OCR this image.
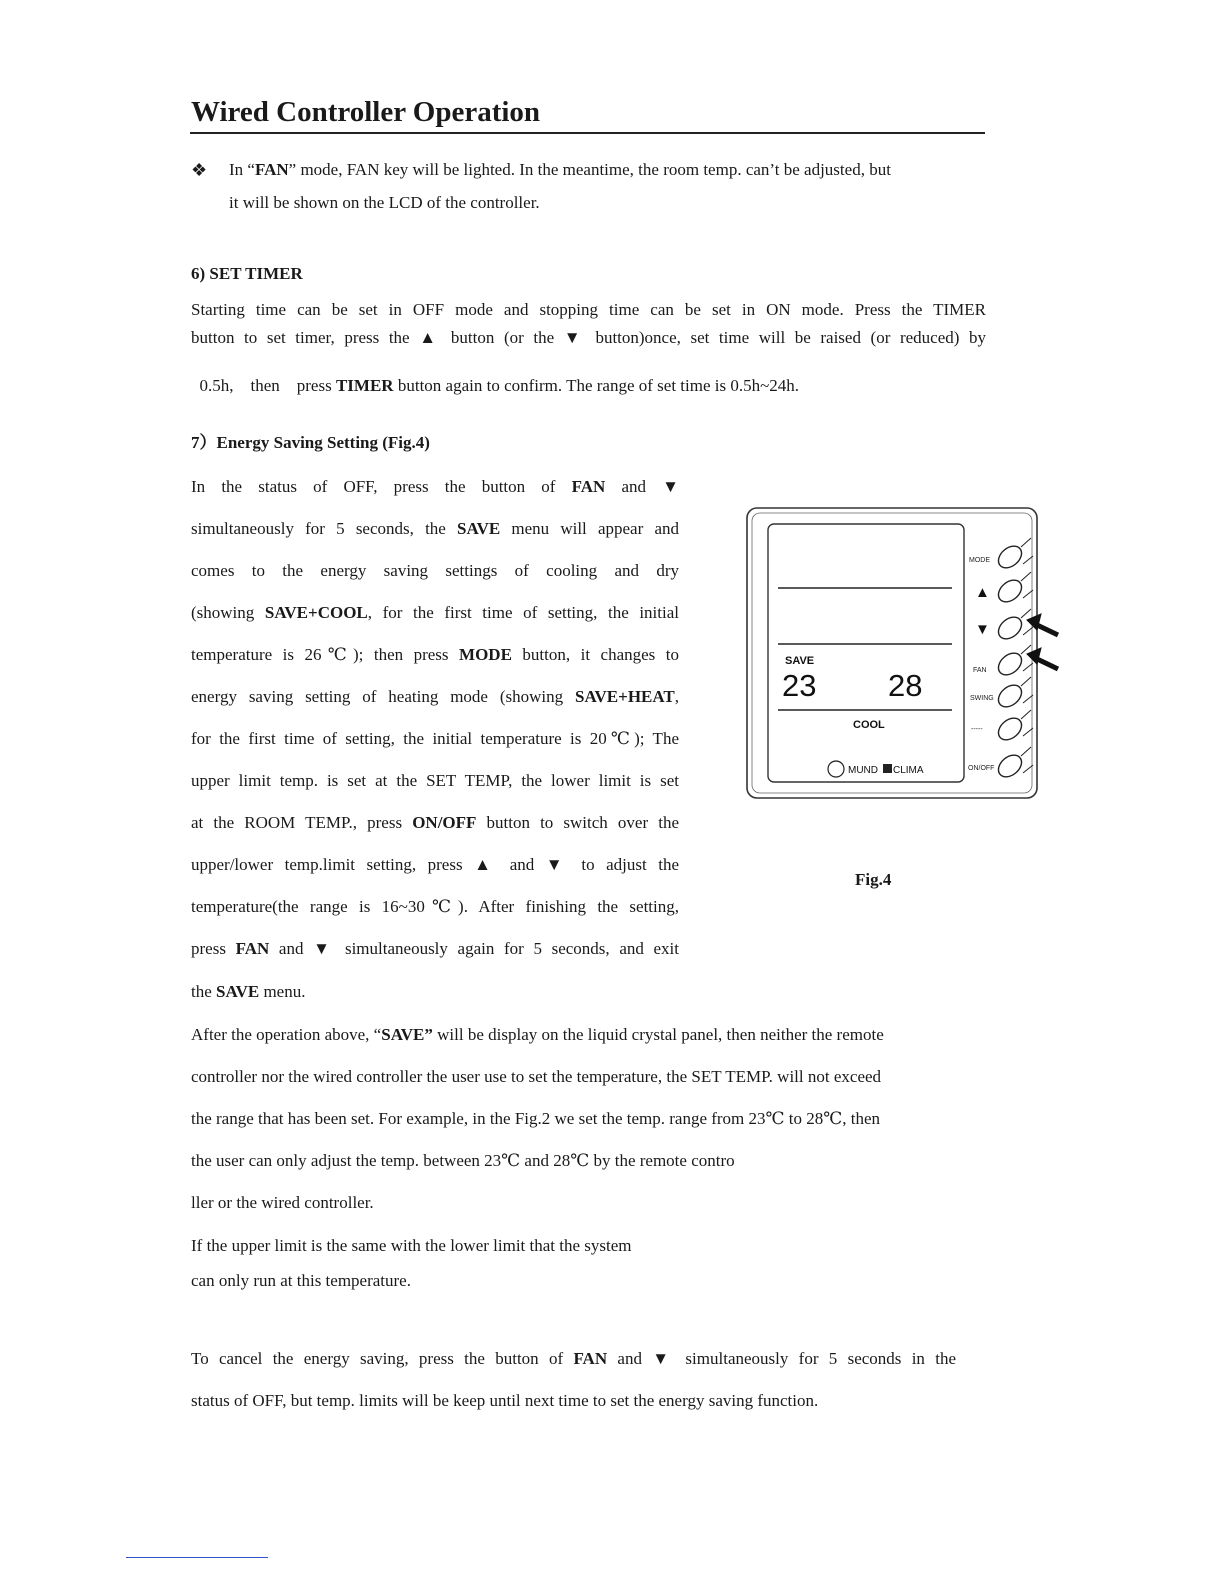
Wired Controller Operation
❖ In “FAN” mode, FAN key will be lighted. In the meantime, the room temp. can’t be adjusted, but
it will be shown on the LCD of the controller.
6) SET TIMER
Starting time can be set in OFF mode and stopping time can be set in ON mode. Press the TIMER
button to set timer, press the ▲ button (or the ▼ button)once, set time will be raised (or reduced) by

0.5h,    then    press TIMER button again to confirm. The range of set time is 0.5h~24h.

7）Energy Saving Setting (Fig.4)
In the status of OFF, press the button of FAN and ▼
simultaneously for 5 seconds, the SAVE menu will appear and
comes to the energy saving settings of cooling and dry
(showing SAVE+COOL, for the first time of setting, the initial
temperature is 26℃); then press MODE button, it changes to
energy saving setting of heating mode (showing SAVE+HEAT,
for the first time of setting, the initial temperature is 20℃); The
upper limit temp. is set at the SET TEMP, the lower limit is set
at the ROOM TEMP., press ON/OFF button to switch over the
upper/lower temp.limit setting, press ▲ and ▼ to adjust the
temperature(the range is 16~30℃). After finishing the setting,
press FAN and ▼ simultaneously again for 5 seconds, and exit
the SAVE menu.
After the operation above, “SAVE” will be display on the liquid crystal panel, then neither the remote
controller nor the wired controller the user use to set the temperature, the SET TEMP. will not exceed
the range that has been set. For example, in the Fig.2 we set the temp. range from 23℃ to 28℃, then
the user can only adjust the temp. between 23℃ and 28℃ by the remote contro
ller or the wired controller.
If the upper limit is the same with the lower limit that the system
can only run at this temperature.
To cancel the energy saving, press the button of FAN and ▼ simultaneously for 5 seconds in the
status of OFF, but temp. limits will be keep until next time to set the energy saving function.
SAVE
23 28
COOL
MUND CLIMA
MODE
▲
▼
FAN
SWING
-----
ON/OFF
Fig.4
